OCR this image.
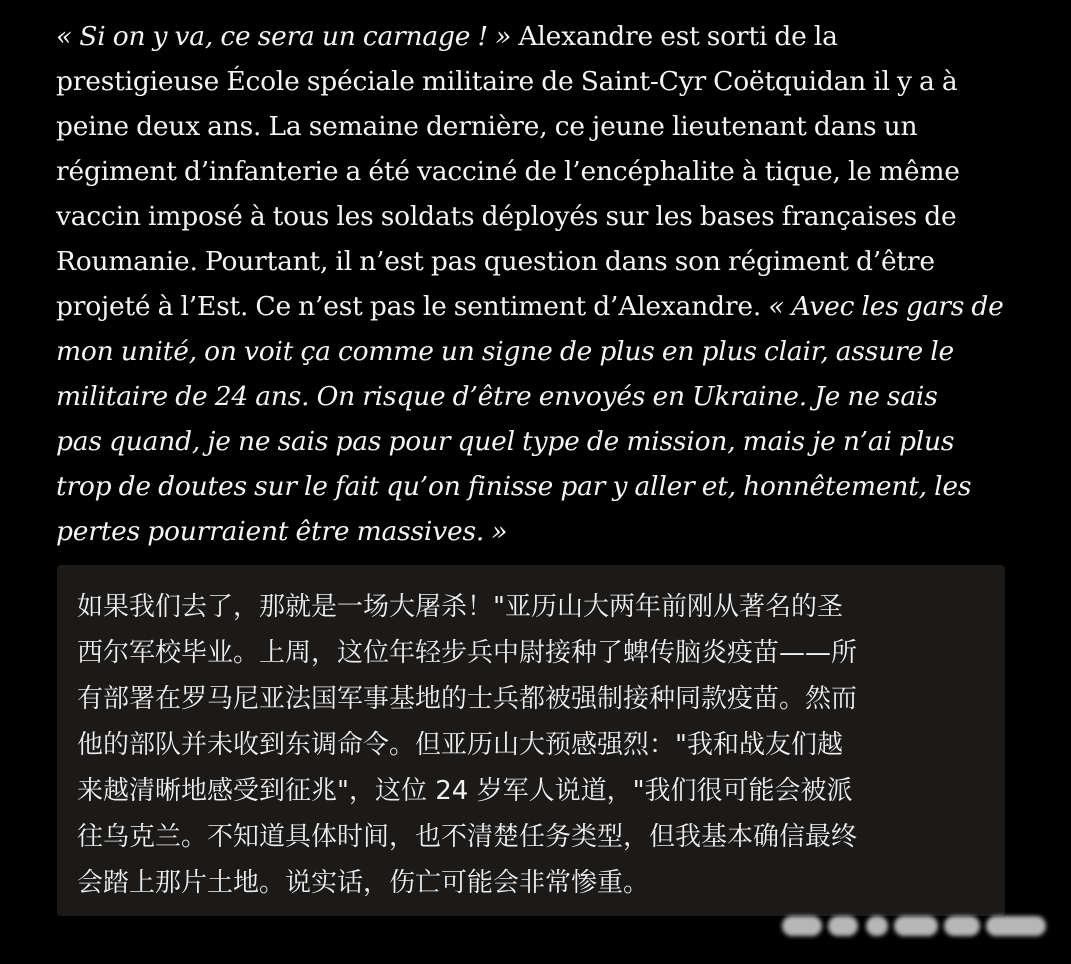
« Si on y va, ce sera un carnage ! » Alexandre est sorti de la
prestigieuse École spéciale militaire de Saint-Cyr Coëtquidan il y a à
peine deux ans. La semaine dernière, ce jeune lieutenant dans un
régiment d’infanterie a été vacciné de l’encéphalite à tique, le même
vaccin imposé à tous les soldats déployés sur les bases françaises de
Roumanie. Pourtant, il n’est pas question dans son régiment d’être
projeté à l’Est. Ce n’est pas le sentiment d’Alexandre. « Avec les gars de
mon unité, on voit ça comme un signe de plus en plus clair, assure le
militaire de 24 ans. On risque d’être envoyés en Ukraine. Je ne sais
pas quand, je ne sais pas pour quel type de mission, mais je n’ai plus
trop de doutes sur le fait qu’on finisse par y aller et, honnêtement, les
pertes pourraient être massives. »
如果我们去了，那就是一场大屠杀！"亚历山大两年前刚从著名的圣
西尔军校毕业。上周，这位年轻步兵中尉接种了蜱传脑炎疫苗——所
有部署在罗马尼亚法国军事基地的士兵都被强制接种同款疫苗。然而
他的部队并未收到东调命令。但亚历山大预感强烈："我和战友们越
来越清晰地感受到征兆"，这位 24 岁军人说道，"我们很可能会被派
往乌克兰。不知道具体时间，也不清楚任务类型，但我基本确信最终
会踏上那片土地。说实话，伤亡可能会非常惨重。
